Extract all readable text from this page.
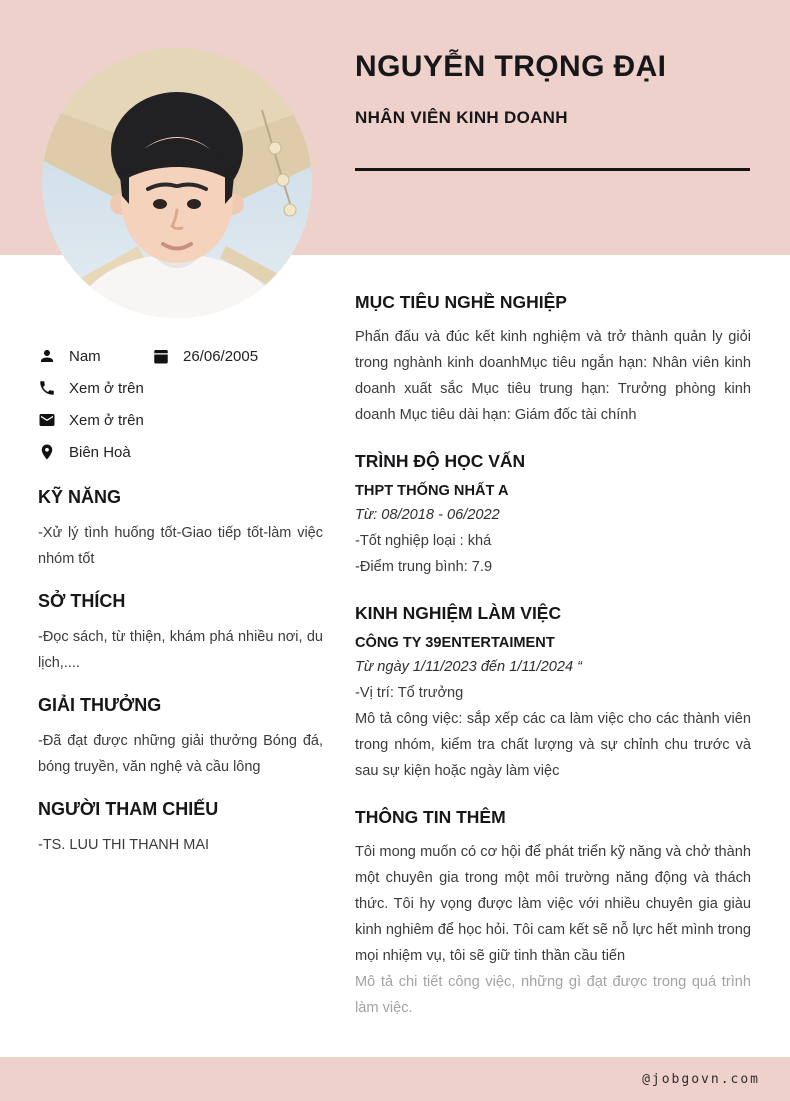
NGUYỄN TRỌNG ĐẠI
NHÂN VIÊN KINH DOANH
Nam	26/06/2005
Xem ở trên
Xem ở trên
Biên Hoà
KỸ NĂNG

-Xử lý tình huống tốt-Giao tiếp tốt-làm việc nhóm tốt

SỞ THÍCH

-Đọc sách, từ thiện, khám phá nhiều nơi, du lịch,....

GIẢI THƯỞNG

-Đã đạt được những giải thưởng Bóng đá, bóng truyền, văn nghệ và cầu lông

NGƯỜI THAM CHIẾU

-TS. LUU THI THANH MAI

MỤC TIÊU NGHỀ NGHIỆP

Phấn đấu và đúc kết kinh nghiệm và trở thành quản ly giỏi trong nghành kinh doanhMục tiêu ngắn hạn: Nhân viên kinh doanh xuất sắc Mục tiêu trung hạn: Trưởng phòng kinh doanh Mục tiêu dài hạn: Giám đốc tài chính

TRÌNH ĐỘ HỌC VẤN

THPT THỐNG NHẤT A

Từ: 08/2018 - 06/2022

-Tốt nghiệp loại : khá

-Điểm trung bình: 7.9

KINH NGHIỆM LÀM VIỆC

CÔNG TY 39ENTERTAIMENT

Từ ngày 1/11/2023 đến 1/11/2024 “

-Vị trí: Tổ trưởng

Mô tả công việc: sắp xếp các ca làm việc cho các thành viên trong nhóm, kiểm tra chất lượng và sự chỉnh chu trước và sau sự kiện hoặc ngày làm việc

THÔNG TIN THÊM

Tôi mong muốn có cơ hội để phát triển kỹ năng và chở thành một chuyên gia trong một môi trường năng động và thách thức. Tôi hy vọng được làm việc với nhiều chuyên gia giàu kinh nghiêm để học hỏi. Tôi cam kết sẽ nỗ lực hết mình trong mọi nhiệm vụ, tôi sẽ giữ tinh thần cầu tiến

Mô tả chi tiết công việc, những gì đạt được trong quá trình làm việc.

@jobgovn.com
